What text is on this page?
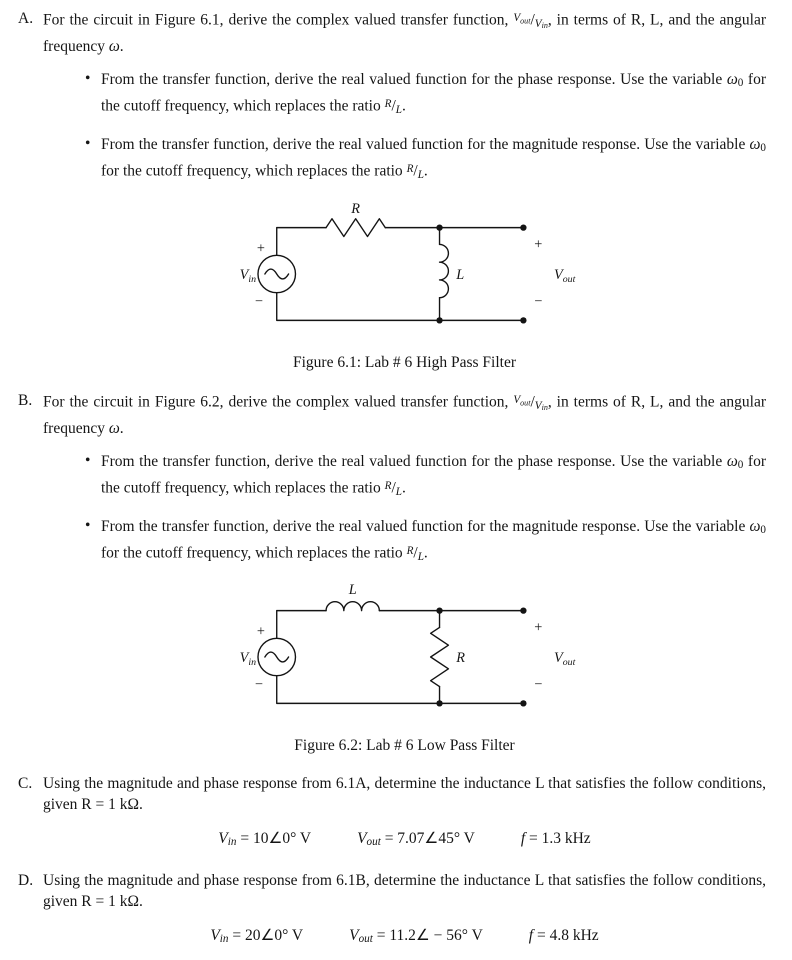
A. For the circuit in Figure 6.1, derive the complex valued transfer function, $^Vout/V_{in}$, in terms of R, L, and the angular frequency ω.
• From the transfer function, derive the real valued function for the phase response. Use the variable ω0 for the cutoff frequency, which replaces the ratio $^R$/L.
• From the transfer function, derive the real valued function for the magnitude response. Use the variable ω0 for the cutoff frequency, which replaces the ratio $^R$/L.
R
L
$V_{in}$
+
−
+
−
$V_{out}$
Figure 6.1: Lab # 6 High Pass Filter
B. For the circuit in Figure 6.2, derive the complex valued transfer function, $^Vout/V_{in}$, in terms of R, L, and the angular frequency ω.
• From the transfer function, derive the real valued function for the phase response. Use the variable ω0 for the cutoff frequency, which replaces the ratio $^R$/L.
• From the transfer function, derive the real valued function for the magnitude response. Use the variable ω0 for the cutoff frequency, which replaces the ratio $^R$/L.
L
R
$V_{in}$
+
−
+
−
$V_{out}$
Figure 6.2: Lab # 6 Low Pass Filter
C. Using the magnitude and phase response from 6.1A, determine the inductance L that satisfies the follow conditions, given R = 1 kΩ.
Vin = 10∠0° V	Vout = 7.07∠45° V	f = 1.3 kHz
D. Using the magnitude and phase response from 6.1B, determine the inductance L that satisfies the follow conditions, given R = 1 kΩ.
Vin = 20∠0° V	Vout = 11.2∠ − 56° V	f = 4.8 kHz
